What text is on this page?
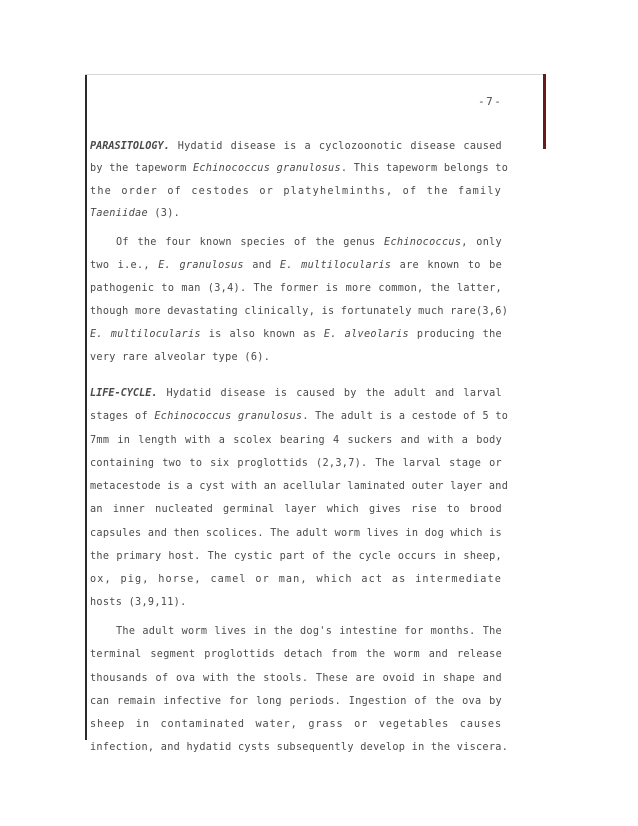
-7-
PARASITOLOGY. Hydatid disease is a cyclozoonotic disease caused
by the tapeworm Echinococcus granulosus. This tapeworm belongs to
the order of cestodes or platyhelminths, of the family
Taeniidae (3).
Of the four known species of the genus Echinococcus, only
two i.e., E. granulosus and E. multilocularis are known to be
pathogenic to man (3,4). The former is more common, the latter,
though more devastating clinically, is fortunately much rare(3,6)
E. multilocularis is also known as E. alveolaris producing the
very rare alveolar type (6).
LIFE-CYCLE. Hydatid disease is caused by the adult and larval
stages of Echinococcus granulosus. The adult is a cestode of 5 to
7mm in length with a scolex bearing 4 suckers and with a body
containing two to six proglottids (2,3,7). The larval stage or
metacestode is a cyst with an acellular laminated outer layer and
an inner nucleated germinal layer which gives rise to brood
capsules and then scolices. The adult worm lives in dog which is
the primary host. The cystic part of the cycle occurs in sheep,
ox, pig, horse, camel or man, which act as intermediate
hosts (3,9,11).
The adult worm lives in the dog's intestine for months. The
terminal segment proglottids detach from the worm and release
thousands of ova with the stools. These are ovoid in shape and
can remain infective for long periods. Ingestion of the ova by
sheep in contaminated water, grass or vegetables causes
infection, and hydatid cysts subsequently develop in the viscera.
